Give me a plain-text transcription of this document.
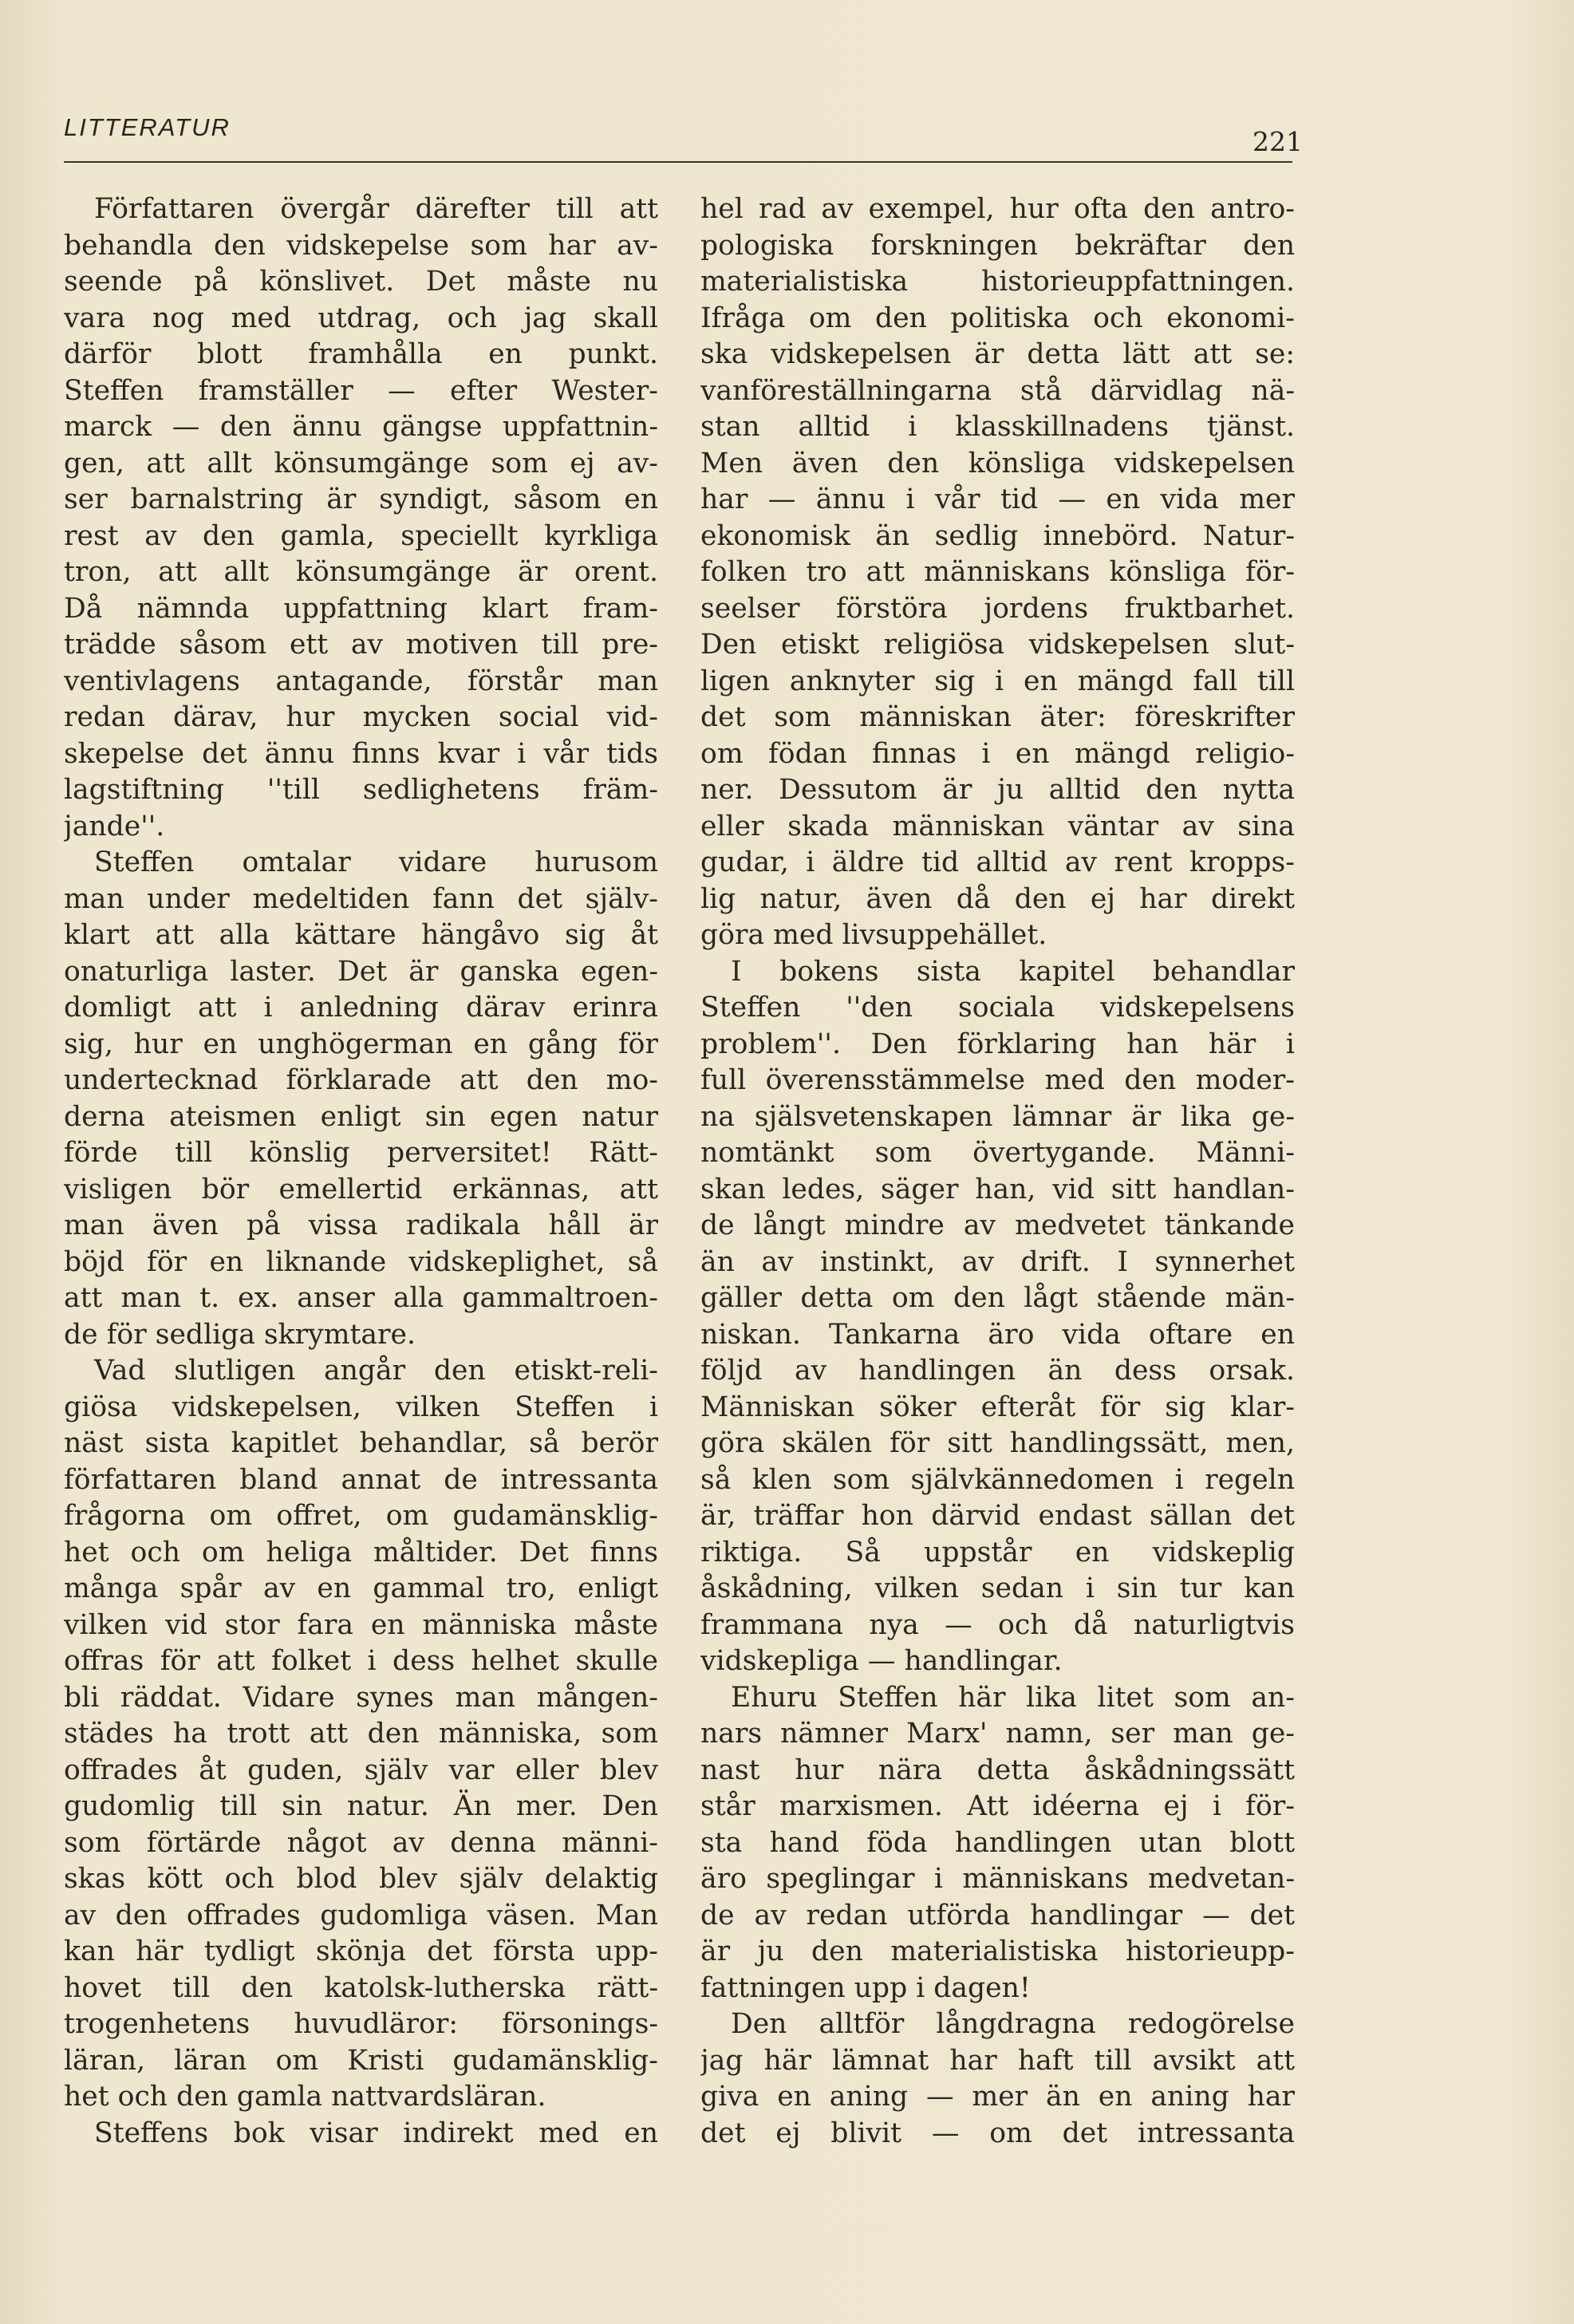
LITTERATUR	221
Författaren övergår därefter till att
behandla den vidskepelse som har av-
seende på könslivet. Det måste nu
vara nog med utdrag, och jag skall
därför blott framhålla en punkt.
Steffen framställer — efter Wester-
marck — den ännu gängse uppfattnin-
gen, att allt könsumgänge som ej av-
ser barnalstring är syndigt, såsom en
rest av den gamla, speciellt kyrkliga
tron, att allt könsumgänge är orent.
Då nämnda uppfattning klart fram-
trädde såsom ett av motiven till pre-
ventivlagens antagande, förstår man
redan därav, hur mycken social vid-
skepelse det ännu finns kvar i vår tids
lagstiftning ''till sedlighetens främ-
jande''.
Steffen omtalar vidare hurusom
man under medeltiden fann det själv-
klart att alla kättare hängåvo sig åt
onaturliga laster. Det är ganska egen-
domligt att i anledning därav erinra
sig, hur en unghögerman en gång för
undertecknad förklarade att den mo-
derna ateismen enligt sin egen natur
förde till könslig perversitet! Rätt-
visligen bör emellertid erkännas, att
man även på vissa radikala håll är
böjd för en liknande vidskeplighet, så
att man t. ex. anser alla gammaltroen-
de för sedliga skrymtare.
Vad slutligen angår den etiskt-reli-
giösa vidskepelsen, vilken Steffen i
näst sista kapitlet behandlar, så berör
författaren bland annat de intressanta
frågorna om offret, om gudamänsklig-
het och om heliga måltider. Det finns
många spår av en gammal tro, enligt
vilken vid stor fara en människa måste
offras för att folket i dess helhet skulle
bli räddat. Vidare synes man mången-
städes ha trott att den människa, som
offrades åt guden, själv var eller blev
gudomlig till sin natur. Än mer. Den
som förtärde något av denna männi-
skas kött och blod blev själv delaktig
av den offrades gudomliga väsen. Man
kan här tydligt skönja det första upp-
hovet till den katolsk-lutherska rätt-
trogenhetens huvudläror: försonings-
läran, läran om Kristi gudamänsklig-
het och den gamla nattvardsläran.
Steffens bok visar indirekt med en
hel rad av exempel, hur ofta den antro-
pologiska forskningen bekräftar den
materialistiska historieuppfattningen.
Ifråga om den politiska och ekonomi-
ska vidskepelsen är detta lätt att se:
vanföreställningarna stå därvidlag nä-
stan alltid i klasskillnadens tjänst.
Men även den könsliga vidskepelsen
har — ännu i vår tid — en vida mer
ekonomisk än sedlig innebörd. Natur-
folken tro att människans könsliga för-
seelser förstöra jordens fruktbarhet.
Den etiskt religiösa vidskepelsen slut-
ligen anknyter sig i en mängd fall till
det som människan äter: föreskrifter
om födan finnas i en mängd religio-
ner. Dessutom är ju alltid den nytta
eller skada människan väntar av sina
gudar, i äldre tid alltid av rent kropps-
lig natur, även då den ej har direkt
göra med livsuppehället.
I bokens sista kapitel behandlar
Steffen ''den sociala vidskepelsens
problem''. Den förklaring han här i
full överensstämmelse med den moder-
na själsvetenskapen lämnar är lika ge-
nomtänkt som övertygande. Männi-
skan ledes, säger han, vid sitt handlan-
de långt mindre av medvetet tänkande
än av instinkt, av drift. I synnerhet
gäller detta om den lågt stående män-
niskan. Tankarna äro vida oftare en
följd av handlingen än dess orsak.
Människan söker efteråt för sig klar-
göra skälen för sitt handlingssätt, men,
så klen som självkännedomen i regeln
är, träffar hon därvid endast sällan det
riktiga. Så uppstår en vidskeplig
åskådning, vilken sedan i sin tur kan
frammana nya — och då naturligtvis
vidskepliga — handlingar.
Ehuru Steffen här lika litet som an-
nars nämner Marx' namn, ser man ge-
nast hur nära detta åskådningssätt
står marxismen. Att idéerna ej i för-
sta hand föda handlingen utan blott
äro speglingar i människans medvetan-
de av redan utförda handlingar — det
är ju den materialistiska historieupp-
fattningen upp i dagen!
Den alltför långdragna redogörelse
jag här lämnat har haft till avsikt att
giva en aning — mer än en aning har
det ej blivit — om det intressanta
